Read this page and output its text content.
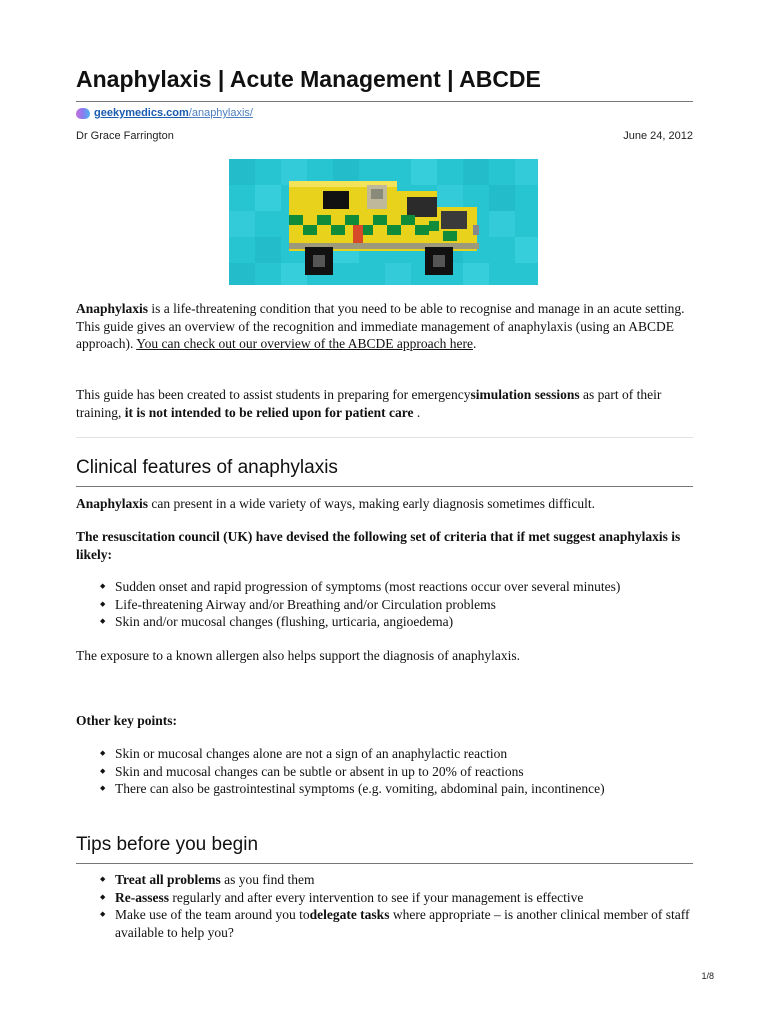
Anaphylaxis | Acute Management | ABCDE
geekymedics.com/anaphylaxis/
Dr Grace Farrington	June 24, 2012

Anaphylaxis is a life-threatening condition that you need to be able to recognise and manage in an acute setting. This guide gives an overview of the recognition and immediate management of anaphylaxis (using an ABCDE approach). You can check out our overview of the ABCDE approach here.

This guide has been created to assist students in preparing for emergencysimulation sessions as part of their training, it is not intended to be relied upon for patient care .

Clinical features of anaphylaxis

Anaphylaxis can present in a wide variety of ways, making early diagnosis sometimes difficult.

The resuscitation council (UK) have devised the following set of criteria that if met suggest anaphylaxis is likely:

◆ Sudden onset and rapid progression of symptoms (most reactions occur over several minutes)
◆ Life-threatening Airway and/or Breathing and/or Circulation problems
◆ Skin and/or mucosal changes (flushing, urticaria, angioedema)

The exposure to a known allergen also helps support the diagnosis of anaphylaxis.

Other key points:

◆ Skin or mucosal changes alone are not a sign of an anaphylactic reaction
◆ Skin and mucosal changes can be subtle or absent in up to 20% of reactions
◆ There can also be gastrointestinal symptoms (e.g. vomiting, abdominal pain, incontinence)
Tips before you begin
◆ Treat all problems as you find them
◆ Re-assess regularly and after every intervention to see if your management is effective
◆ Make use of the team around you todelegate tasks where appropriate – is another clinical member of staff available to help you?
1/8
